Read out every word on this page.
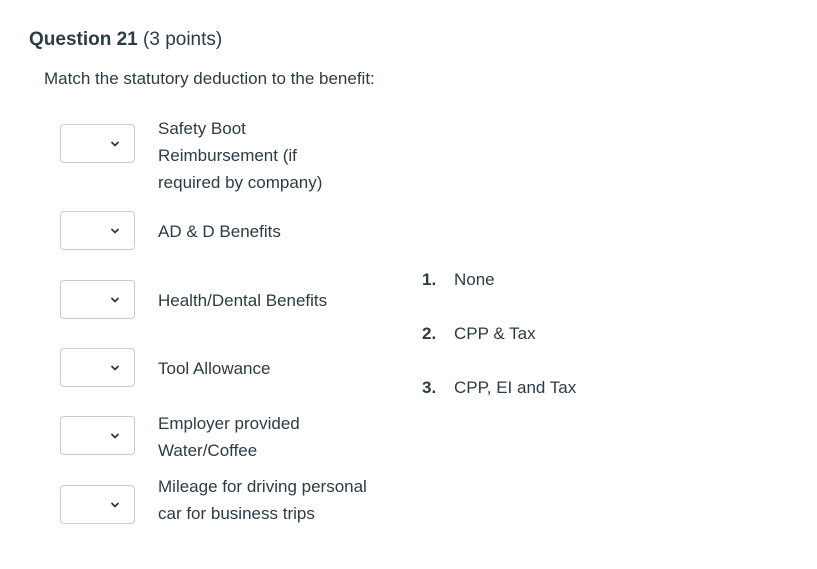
Question 21 (3 points)
Match the statutory deduction to the benefit:
Safety Boot Reimbursement (if required by company)
AD & D Benefits
Health/Dental Benefits
Tool Allowance
Employer provided Water/Coffee
Mileage for driving personal car for business trips
1. None
2. CPP & Tax
3. CPP, EI and Tax
